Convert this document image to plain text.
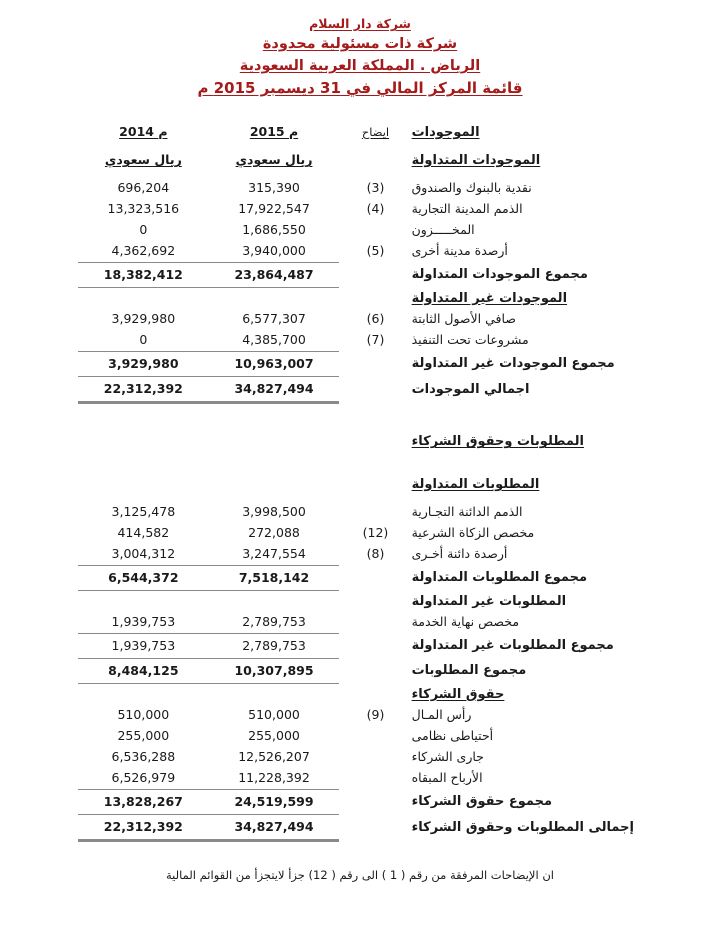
شركة دار السلام
شركة ذات مسئولية محدودة
الرياض . المملكة العربية السعودية
قائمة المركز المالي في 31 ديسمبر 2015 م
الموجودات	ايضاح	2015 م	2014 م

الموجودات المتداولة		ريال سعودي	ريال سعودي

نقدية بالبنوك والصندوق	(3)	315,390	696,204
الذمم المدينة التجارية	(4)	17,922,547	13,323,516
المخـــــزون		1,686,550	0
أرصدة مدينة أخرى	(5)	3,940,000	4,362,692
مجموع الموجودات المتداولة		23,864,487	18,382,412
الموجودات غير المتداولة			
صافي الأصول الثابتة	(6)	6,577,307	3,929,980
مشروعات تحت التنفيذ	(7)	4,385,700	0
مجموع الموجودات غير المتداولة		10,963,007	3,929,980
اجمالي الموجودات		34,827,494	22,312,392

المطلوبات وحقوق الشركاء			

المطلوبات المتداولة			

الذمم الدائنة التجـارية		3,998,500	3,125,478
مخصص الزكاة الشرعية	(12)	272,088	414,582
أرصدة دائنة أخـرى	(8)	3,247,554	3,004,312
مجموع المطلوبات المتداولة		7,518,142	6,544,372
المطلوبات غير المتداولة			
مخصص نهاية الخدمة		2,789,753	1,939,753
مجموع المطلوبات غير المتداولة		2,789,753	1,939,753
مجموع المطلوبات		10,307,895	8,484,125
حقوق الشركاء			
رأس المـال	(9)	510,000	510,000
أحتياطى نظامى		255,000	255,000
جارى الشركاء		12,526,207	6,536,288
الأرباح المبقاه		11,228,392	6,526,979
مجموع حقوق الشركاء		24,519,599	13,828,267
إجمالى المطلوبات وحقوق الشركاء		34,827,494	22,312,392
ان الإيضاحات المرفقة من رقم ( 1 ) الى رقم ( 12) جزأ لايتجزأ من القوائم المالية
